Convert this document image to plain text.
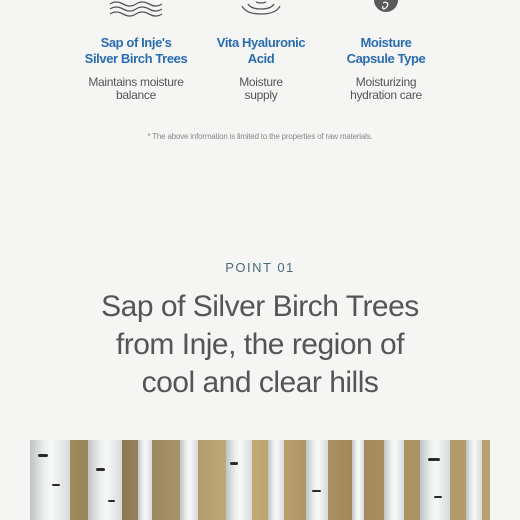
Sap of Inje's
Silver Birch Trees
Maintains moisture
balance
Vita Hyaluronic
Acid
Moisture
supply
Moisture
Capsule Type
Moisturizing
hydration care
* The above information is limited to the properties of raw materials.
POINT 01
Sap of Silver Birch Trees
from Inje, the region of
cool and clear hills
